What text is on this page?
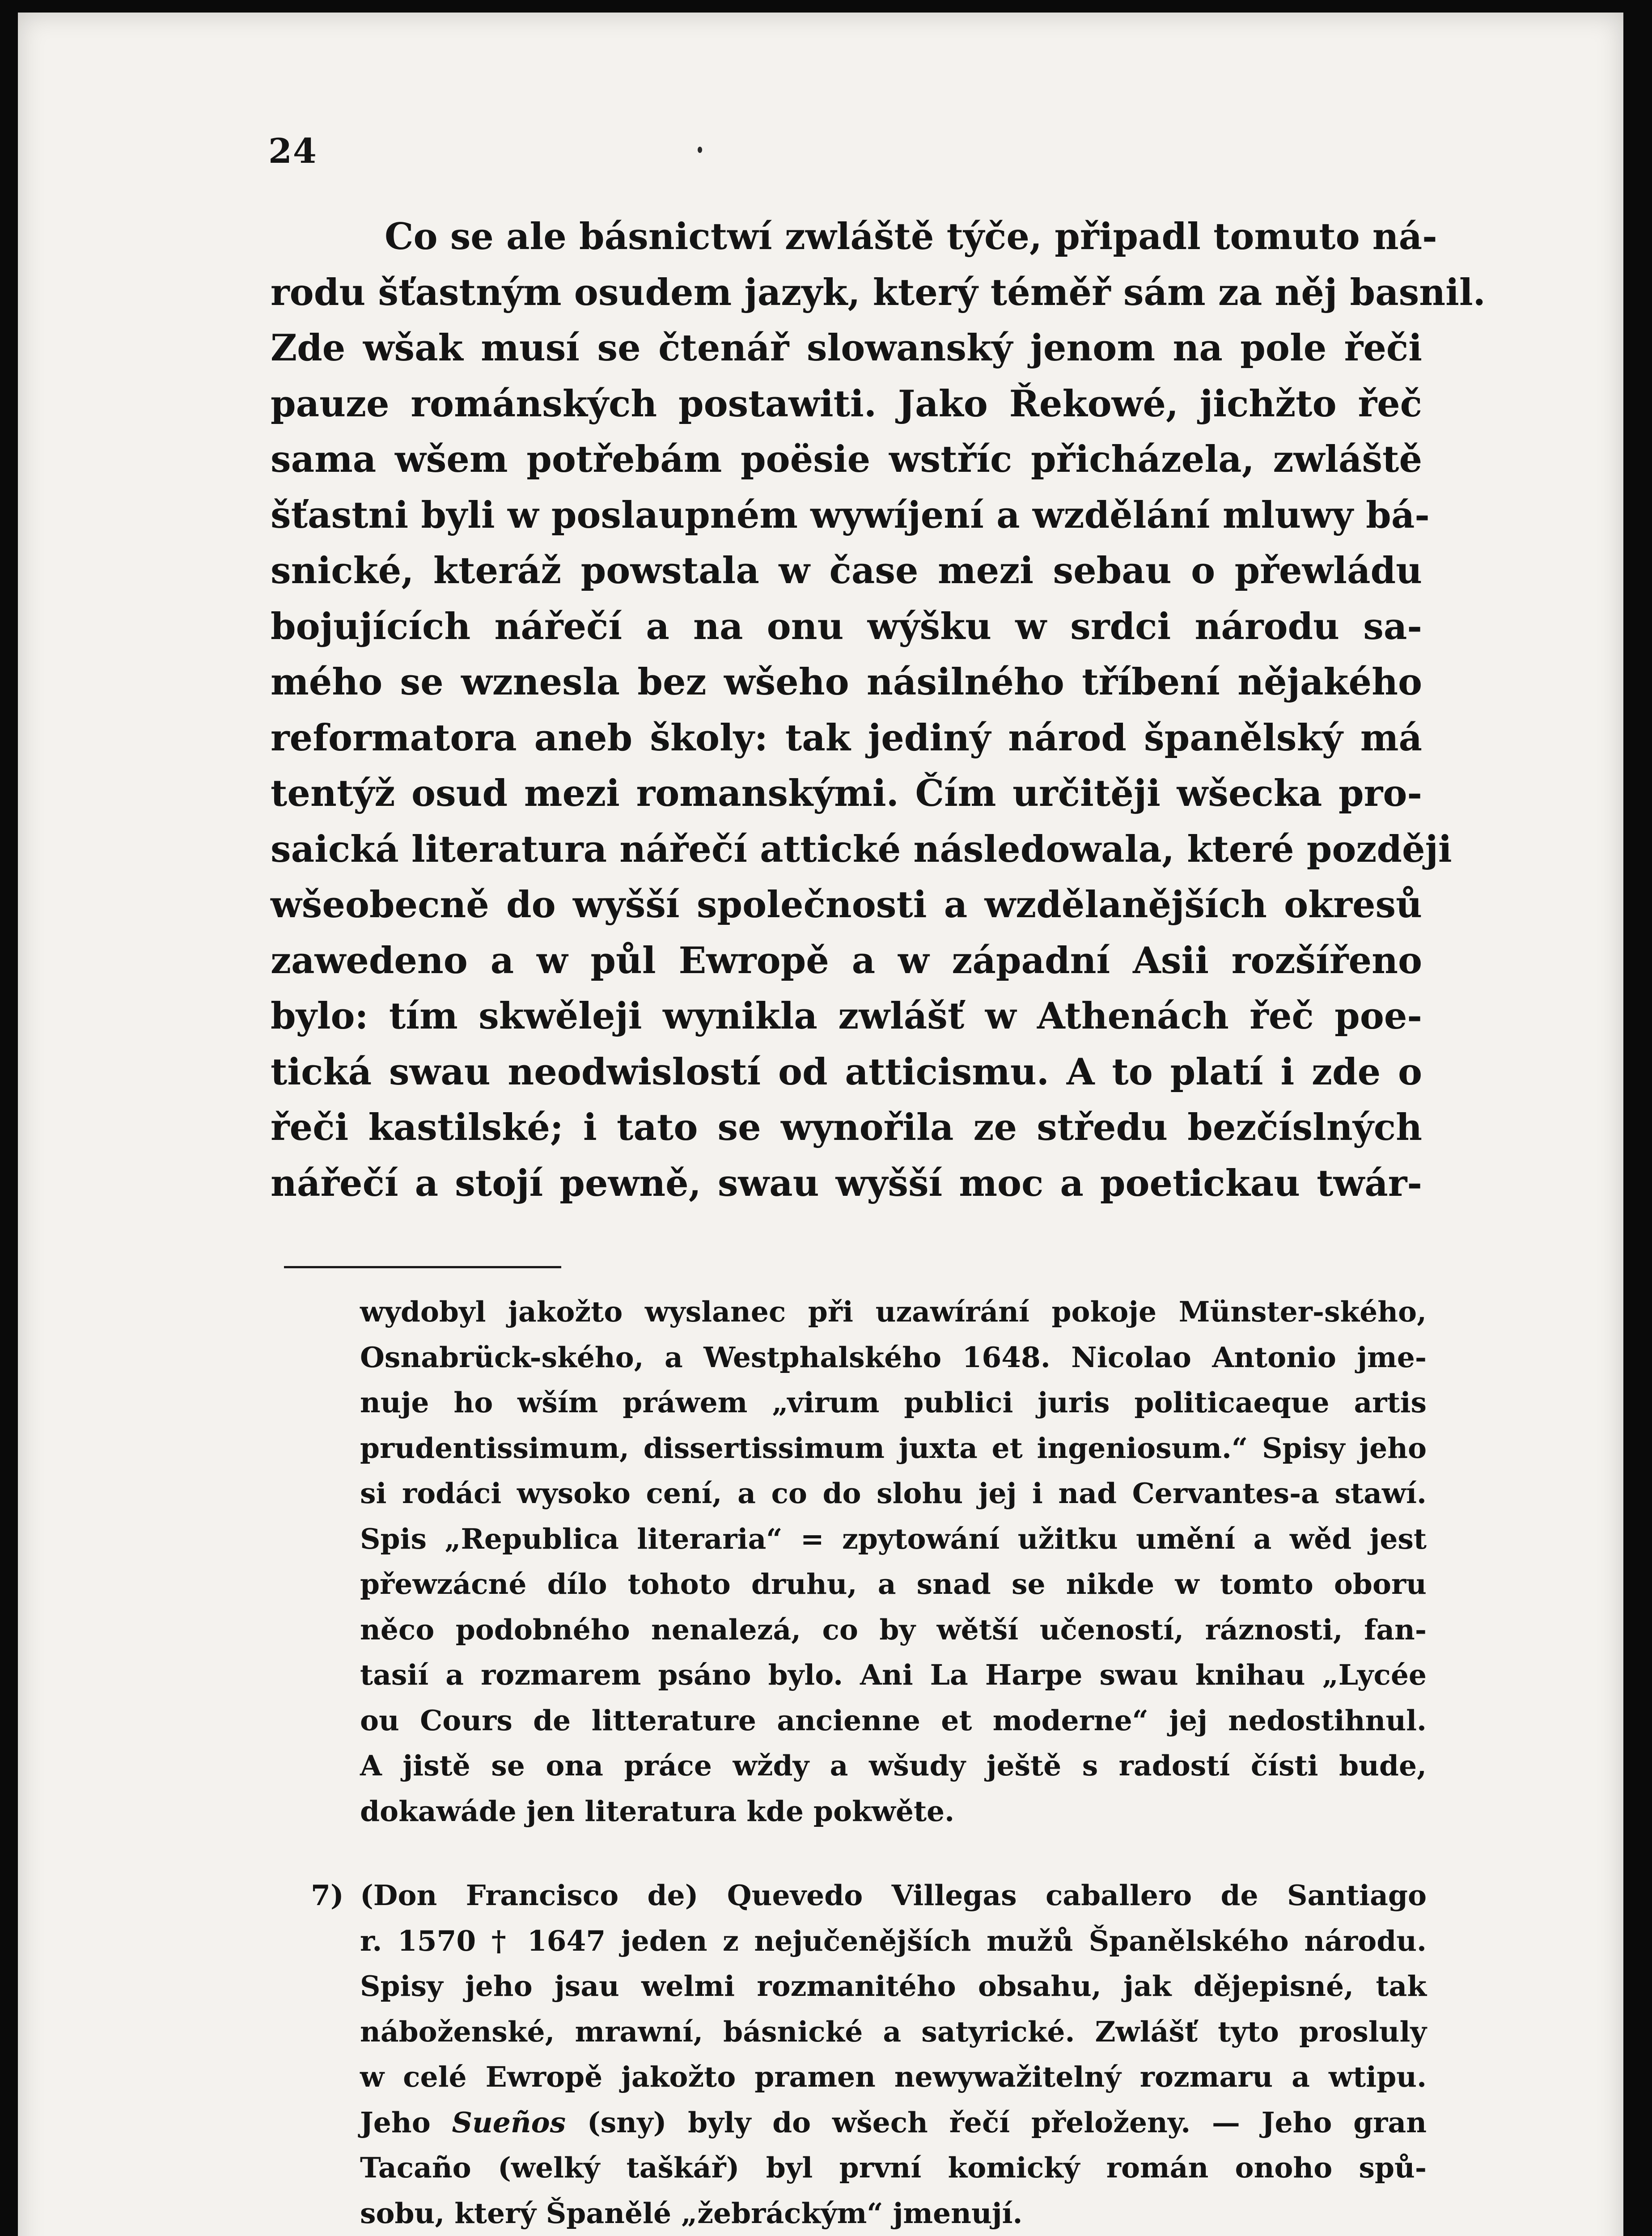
24

Co se ale básnictwí zwláště týče, připadl tomuto ná-
rodu šťastným osudem jazyk, který téměř sám za něj basnil.
Zde wšak musí se čtenář slowanský jenom na pole řeči
pauze románských postawiti. Jako Řekowé, jichžto řeč
sama wšem potřebám poësie wstříc přicházela, zwláště
šťastni byli w poslaupném wywíjení a wzdělání mluwy bá-
snické, kteráž powstala w čase mezi sebau o přewládu
bojujících nářečí a na onu wýšku w srdci národu sa-
mého se wznesla bez wšeho násilného tříbení nějakého
reformatora aneb školy: tak jediný národ španělský má
tentýž osud mezi romanskými. Čím určitěji wšecka pro-
saická literatura nářečí attické následowala, které později
wšeobecně do wyšší společnosti a wzdělanějších okresů
zawedeno a w půl Ewropě a w západní Asii rozšířeno
bylo: tím skwěleji wynikla zwlášť w Athenách řeč poe-
tická swau neodwislostí od atticismu. A to platí i zde o
řeči kastilské; i tato se wynořila ze středu bezčíslných
nářečí a stojí pewně, swau wyšší moc a poetickau twár-
wydobyl jakožto wyslanec při uzawírání pokoje Münster-ského,
Osnabrück-ského, a Westphalského 1648. Nicolao Antonio jme-
nuje ho wším práwem „virum publici juris politicaeque artis
prudentissimum, dissertissimum juxta et ingeniosum.“ Spisy jeho
si rodáci wysoko cení, a co do slohu jej i nad Cervantes-a stawí.
Spis „Republica literaria“ = zpytowání užitku umění a wěd jest
přewzácné dílo tohoto druhu, a snad se nikde w tomto oboru
něco podobného nenalezá, co by wětší učeností, ráznosti, fan-
tasií a rozmarem psáno bylo. Ani La Harpe swau knihau „Lycée
ou Cours de litterature ancienne et moderne“ jej nedostihnul.
A jistě se ona práce wždy a wšudy ještě s radostí čísti bude,
dokawáde jen literatura kde pokwěte.
7) (Don Francisco de) Quevedo Villegas caballero de Santiago
r. 1570 † 1647 jeden z nejučenějších mužů Španělského národu.
Spisy jeho jsau welmi rozmanitého obsahu, jak dějepisné, tak
náboženské, mrawní, básnické a satyrické. Zwlášť tyto prosluly
w celé Ewropě jakožto pramen newywažitelný rozmaru a wtipu.
Jeho Sueños (sny) byly do wšech řečí přeloženy. — Jeho gran
Tacaño (welký taškář) byl první komický román onoho spů-
sobu, který Španělé „žebráckým“ jmenují.
